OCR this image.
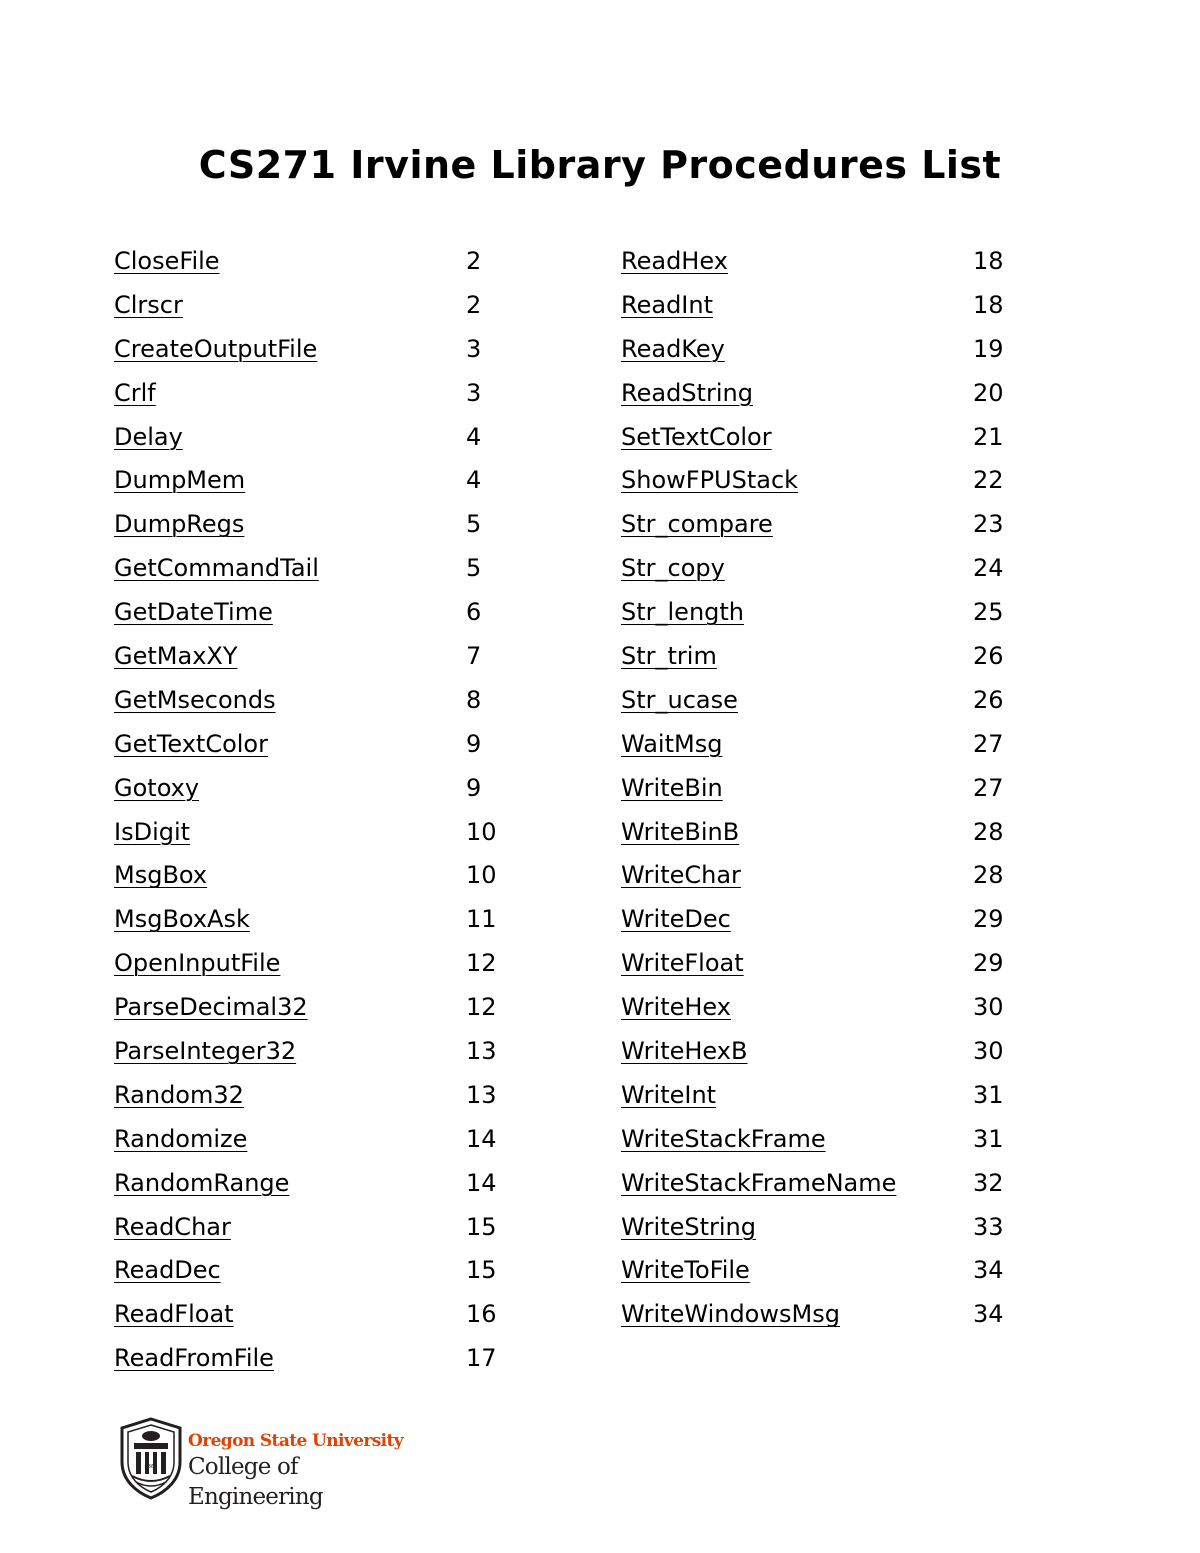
CS271 Irvine Library Procedures List
CloseFile	2
Clrscr	2
CreateOutputFile	3
Crlf	3
Delay	4
DumpMem	4
DumpRegs	5
GetCommandTail	5
GetDateTime	6
GetMaxXY	7
GetMseconds	8
GetTextColor	9
Gotoxy	9
IsDigit	10
MsgBox	10
MsgBoxAsk	11
OpenInputFile	12
ParseDecimal32	12
ParseInteger32	13
Random32	13
Randomize	14
RandomRange	14
ReadChar	15
ReadDec	15
ReadFloat	16
ReadFromFile	17
ReadHex	18
ReadInt	18
ReadKey	19
ReadString	20
SetTextColor	21
ShowFPUStack	22
Str_compare	23
Str_copy	24
Str_length	25
Str_trim	26
Str_ucase	26
WaitMsg	27
WriteBin	27
WriteBinB	28
WriteChar	28
WriteDec	29
WriteFloat	29
WriteHex	30
WriteHexB	30
WriteInt	31
WriteStackFrame	31
WriteStackFrameName	32
WriteString	33
WriteToFile	34
WriteWindowsMsg	34
1868
Oregon State University
College of Engineering
